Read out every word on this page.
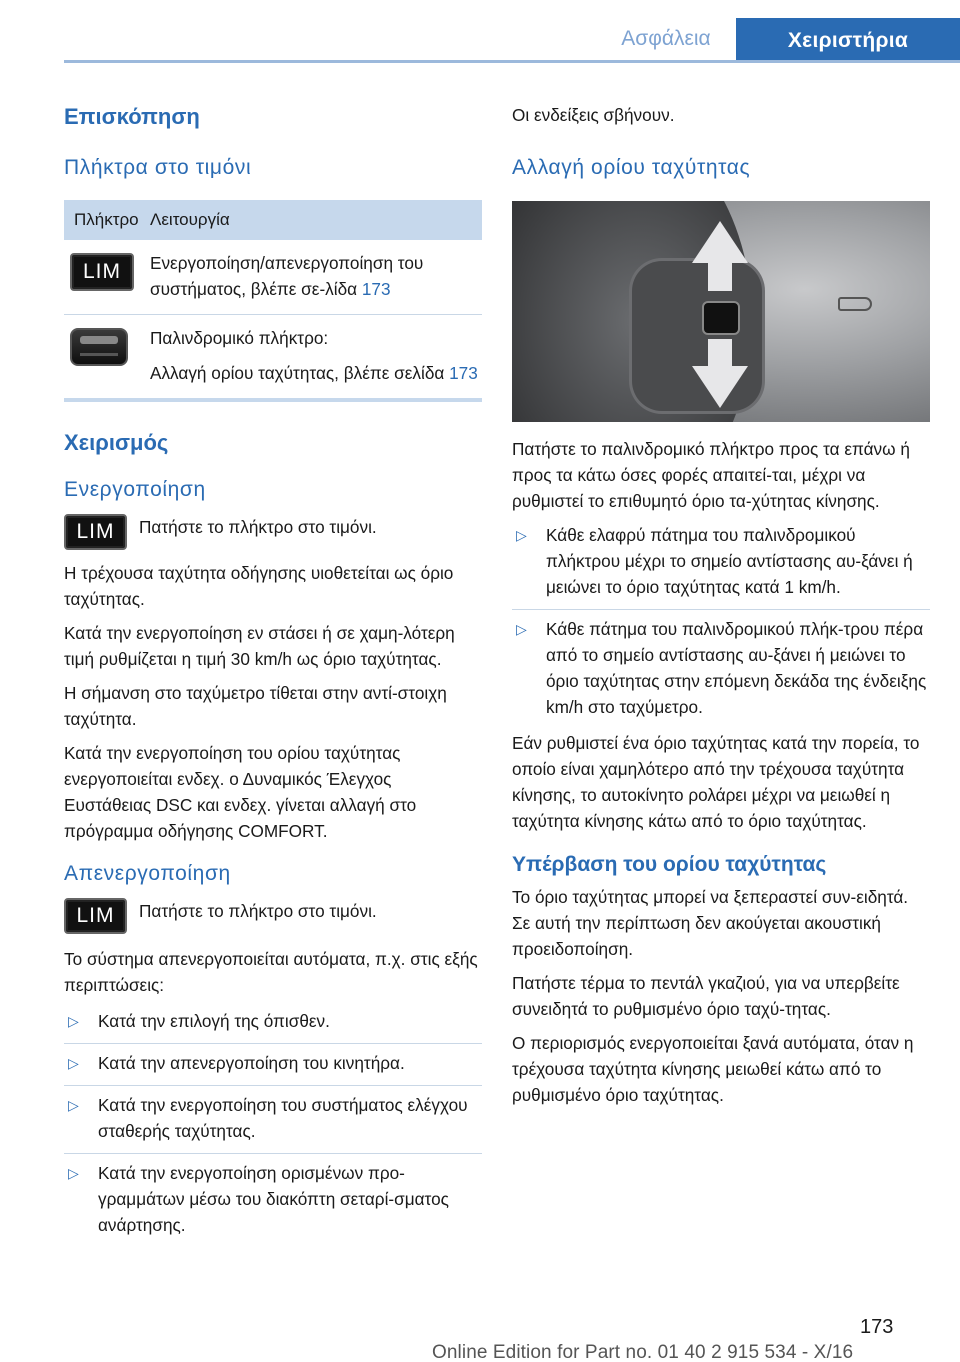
Ασφάλεια	Χειριστήρια
Επισκόπηση
Πλήκτρα στο τιμόνι
Πλήκτρο Λειτουργία
LIM	Ενεργοποίηση/απενεργοποίηση του συστήματος, βλέπε σε-λίδα 173

Παλινδρομικό πλήκτρο:

Αλλαγή ορίου ταχύτητας, βλέπε σελίδα 173

Χειρισμός
Ενεργοποίηση
LIM	Πατήστε το πλήκτρο στο τιμόνι.

Η τρέχουσα ταχύτητα οδήγησης υιοθετείται ως όριο ταχύτητας.

Κατά την ενεργοποίηση εν στάσει ή σε χαμη-λότερη τιμή ρυθμίζεται η τιμή 30 km/h ως όριο ταχύτητας.

Η σήμανση στο ταχύμετρο τίθεται στην αντί-στοιχη ταχύτητα.

Κατά την ενεργοποίηση του ορίου ταχύτητας ενεργοποιείται ενδεχ. ο Δυναμικός Έλεγχος Ευστάθειας DSC και ενδεχ. γίνεται αλλαγή στο πρόγραμμα οδήγησης COMFORT.

Απενεργοποίηση
LIM	Πατήστε το πλήκτρο στο τιμόνι.

Το σύστημα απενεργοποιείται αυτόματα, π.χ. στις εξής περιπτώσεις:

▷	Κατά την επιλογή της όπισθεν.
▷	Κατά την απενεργοποίηση του κινητήρα.
▷	Κατά την ενεργοποίηση του συστήματος ελέγχου σταθερής ταχύτητας.
▷	Κατά την ενεργοποίηση ορισμένων προ-γραμμάτων μέσω του διακόπτη σεταρί-σματος ανάρτησης.

Οι ενδείξεις σβήνουν.

Αλλαγή ορίου ταχύτητας

Πατήστε το παλινδρομικό πλήκτρο προς τα επάνω ή προς τα κάτω όσες φορές απαιτεί-ται, μέχρι να ρυθμιστεί το επιθυμητό όριο τα-χύτητας κίνησης.

▷	Κάθε ελαφρύ πάτημα του παλινδρομικού πλήκτρου μέχρι το σημείο αντίστασης αυ-ξάνει ή μειώνει το όριο ταχύτητας κατά 1 km/h.
▷	Κάθε πάτημα του παλινδρομικού πλήκ-τρου πέρα από το σημείο αντίστασης αυ-ξάνει ή μειώνει το όριο ταχύτητας στην επόμενη δεκάδα της ένδειξης km/h στο ταχύμετρο.

Εάν ρυθμιστεί ένα όριο ταχύτητας κατά την πορεία, το οποίο είναι χαμηλότερο από την τρέχουσα ταχύτητα κίνησης, το αυτοκίνητο ρολάρει μέχρι να μειωθεί η ταχύτητα κίνησης κάτω από το όριο ταχύτητας.

Υπέρβαση του ορίου ταχύτητας

Το όριο ταχύτητας μπορεί να ξεπεραστεί συν-ειδητά. Σε αυτή την περίπτωση δεν ακούγεται ακουστική προειδοποίηση.

Πατήστε τέρμα το πεντάλ γκαζιού, για να υπερβείτε συνειδητά το ρυθμισμένο όριο ταχύ-τητας.

Ο περιορισμός ενεργοποιείται ξανά αυτόματα, όταν η τρέχουσα ταχύτητα κίνησης μειωθεί κάτω από το ρυθμισμένο όριο ταχύτητας.

173
Online Edition for Part no. 01 40 2 915 534 - X/16
